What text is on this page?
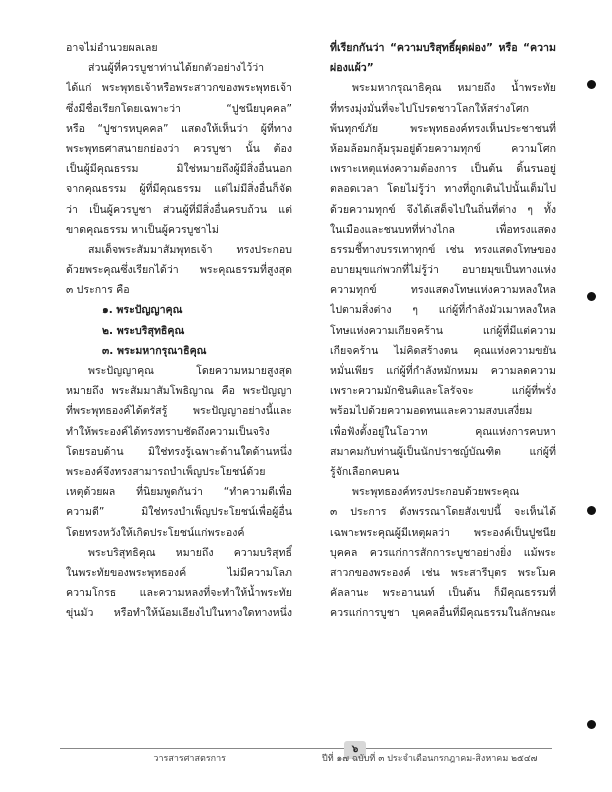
อาจไม่อำนวยผลเลย
ส่วนผู้ที่ควรบูชาท่านได้ยกตัวอย่างไว้ว่า
ได้แก่ พระพุทธเจ้าหรือพระสาวกของพระพุทธเจ้า
ซึ่งมีชื่อเรียกโดยเฉพาะว่า “ปูชนียบุคคล”
หรือ “ปูชารหบุคคล” แสดงให้เห็นว่า ผู้ที่ทาง
พระพุทธศาสนายกย่องว่า ควรบูชา นั้น ต้อง
เป็นผู้มีคุณธรรม มิใช่หมายถึงผู้มีสิ่งอื่นนอก
จากคุณธรรม ผู้ที่มีคุณธรรม แต่ไม่มีสิ่งอื่นก็จัด
ว่า เป็นผู้ควรบูชา ส่วนผู้ที่มีสิ่งอื่นครบถ้วน แต่
ขาดคุณธรรม หาเป็นผู้ควรบูชาไม่
สมเด็จพระสัมมาสัมพุทธเจ้า ทรงประกอบ
ด้วยพระคุณซึ่งเรียกได้ว่า พระคุณธรรมที่สูงสุด
๓ ประการ คือ
๑. พระปัญญาคุณ
๒. พระบริสุทธิคุณ
๓. พระมหากรุณาธิคุณ
พระปัญญาคุณ โดยความหมายสูงสุด
หมายถึง พระสัมมาสัมโพธิญาณ คือ พระปัญญา
ที่พระพุทธองค์ได้ตรัสรู้ พระปัญญาอย่างนี้และ
ทำให้พระองค์ได้ทรงทราบชัดถึงความเป็นจริง
โดยรอบด้าน มิใช่ทรงรู้เฉพาะด้านใดด้านหนึ่ง
พระองค์จึงทรงสามารถบำเพ็ญประโยชน์ด้วย
เหตุด้วยผล ที่นิยมพูดกันว่า “ทำความดีเพื่อ
ความดี” มิใช่ทรงบำเพ็ญประโยชน์เพื่อผู้อื่น
โดยทรงหวังให้เกิดประโยชน์แก่พระองค์
พระบริสุทธิคุณ หมายถึง ความบริสุทธิ์
ในพระทัยของพระพุทธองค์ ไม่มีความโลภ
ความโกรธ และความหลงที่จะทำให้น้ำพระทัย
ขุ่นมัว หรือทำให้น้อมเอียงไปในทางใดทางหนึ่ง
ที่เรียกกันว่า “ความบริสุทธิ์ผุดผ่อง” หรือ “ความ
ผ่องแผ้ว”
พระมหากรุณาธิคุณ หมายถึง น้ำพระทัย
ที่ทรงมุ่งมั่นที่จะไปโปรดชาวโลกให้สร่างโศก
พ้นทุกข์ภัย พระพุทธองค์ทรงเห็นประชาชนที่
ห้อมล้อมกลุ้มรุมอยู่ด้วยความทุกข์ ความโศก
เพราะเหตุแห่งความต้องการ เป็นต้น ดิ้นรนอยู่
ตลอดเวลา โดยไม่รู้ว่า ทางที่ถูกเดินไปนั้นเต็มไป
ด้วยความทุกข์ จึงได้เสด็จไปในถิ่นที่ต่าง ๆ ทั้ง
ในเมืองและชนบทที่ห่างไกล เพื่อทรงแสดง
ธรรมชี้ทางบรรเทาทุกข์ เช่น ทรงแสดงโทษของ
อบายมุขแก่พวกที่ไม่รู้ว่า อบายมุขเป็นทางแห่ง
ความทุกข์ ทรงแสดงโทษแห่งความหลงใหล
ไปตามสิ่งต่าง ๆ แก่ผู้ที่กำลังมัวเมาหลงใหล
โทษแห่งความเกียจคร้าน แก่ผู้ที่มีแต่ความ
เกียจคร้าน ไม่คิดสร้างตน คุณแห่งความขยัน
หมั่นเพียร แก่ผู้ที่กำลังหมักหมม ความลดความ
เพราะความมักชินติและโลรัจจะ แก่ผู้ที่พรั่ง
พร้อมไปด้วยความอดทนและความสงบเสงี่ยม
เพื่อฟังตั้งอยู่ในโอวาท คุณแห่งการคบหา
สมาคมกับท่านผู้เป็นนักปราชญ์บัณฑิต แก่ผู้ที่
รู้จักเลือกคบคน
พระพุทธองค์ทรงประกอบด้วยพระคุณ
๓ ประการ ดังพรรณาโดยสังเขปนี้ จะเห็นได้
เฉพาะพระคุณผู้มีเหตุผลว่า พระองค์เป็นปูชนีย
บุคคล ควรแก่การสักการะบูชาอย่างยิ่ง แม้พระ
สาวกของพระองค์ เช่น พระสารีบุตร พระโมค
คัลลานะ พระอานนท์ เป็นต้น ก็มีคุณธรรมที่
ควรแก่การบูชา บุคคลอื่นที่มีคุณธรรมในลักษณะ
วารสารศาสตรการ
๖
ปีที่ ๑๗ ฉบับที่ ๓ ประจำเดือนกรกฎาคม-สิงหาคม ๒๕๔๗
